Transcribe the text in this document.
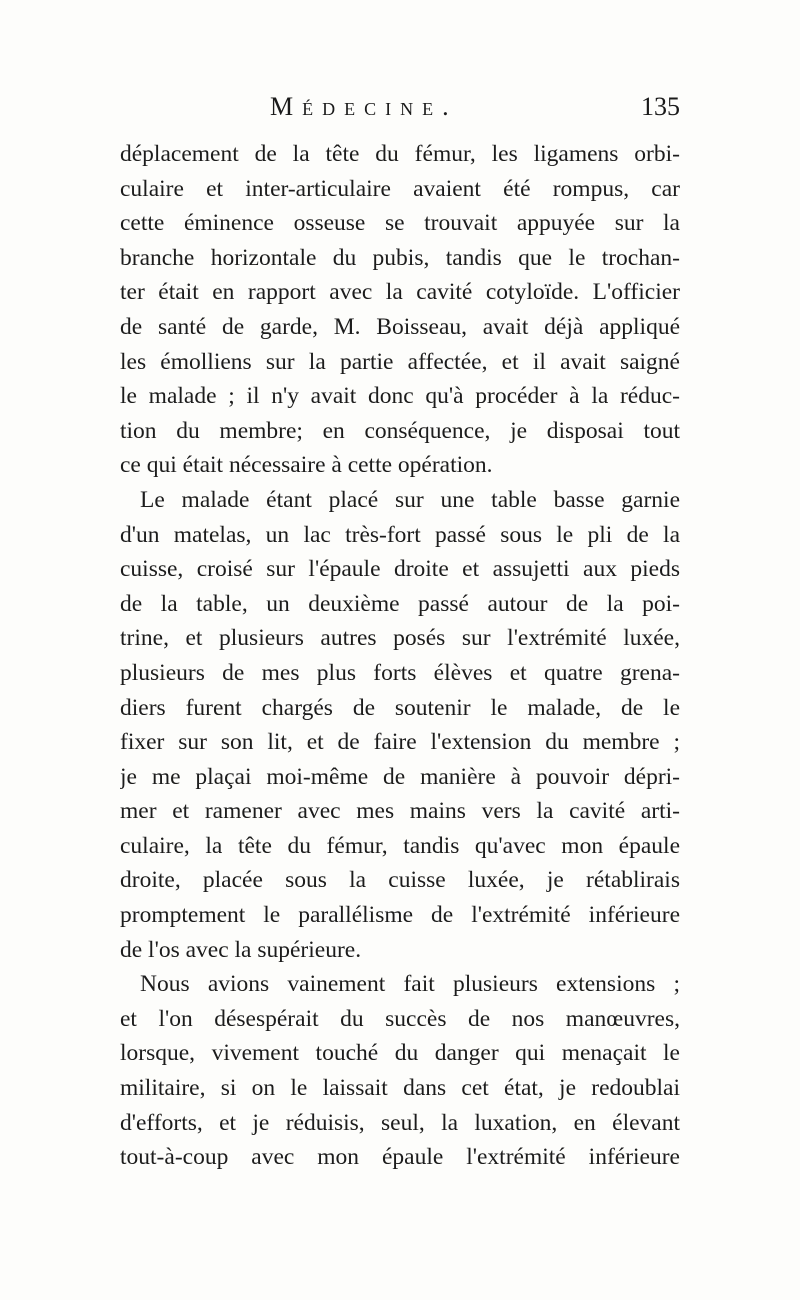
Médecine.	135
déplacement de la tête du fémur, les ligamens orbi-
culaire et inter-articulaire avaient été rompus, car
cette éminence osseuse se trouvait appuyée sur la
branche horizontale du pubis, tandis que le trochan-
ter était en rapport avec la cavité cotyloïde. L'officier
de santé de garde, M. Boisseau, avait déjà appliqué
les émolliens sur la partie affectée, et il avait saigné
le malade ; il n'y avait donc qu'à procéder à la réduc-
tion du membre; en conséquence, je disposai tout
ce qui était nécessaire à cette opération.
Le malade étant placé sur une table basse garnie
d'un matelas, un lac très-fort passé sous le pli de la
cuisse, croisé sur l'épaule droite et assujetti aux pieds
de la table, un deuxième passé autour de la poi-
trine, et plusieurs autres posés sur l'extrémité luxée,
plusieurs de mes plus forts élèves et quatre grena-
diers furent chargés de soutenir le malade, de le
fixer sur son lit, et de faire l'extension du membre ;
je me plaçai moi-même de manière à pouvoir dépri-
mer et ramener avec mes mains vers la cavité arti-
culaire, la tête du fémur, tandis qu'avec mon épaule
droite, placée sous la cuisse luxée, je rétablirais
promptement le parallélisme de l'extrémité inférieure
de l'os avec la supérieure.
Nous avions vainement fait plusieurs extensions ;
et l'on désespérait du succès de nos manœuvres,
lorsque, vivement touché du danger qui menaçait le
militaire, si on le laissait dans cet état, je redoublai
d'efforts, et je réduisis, seul, la luxation, en élevant
tout-à-coup avec mon épaule l'extrémité inférieure
